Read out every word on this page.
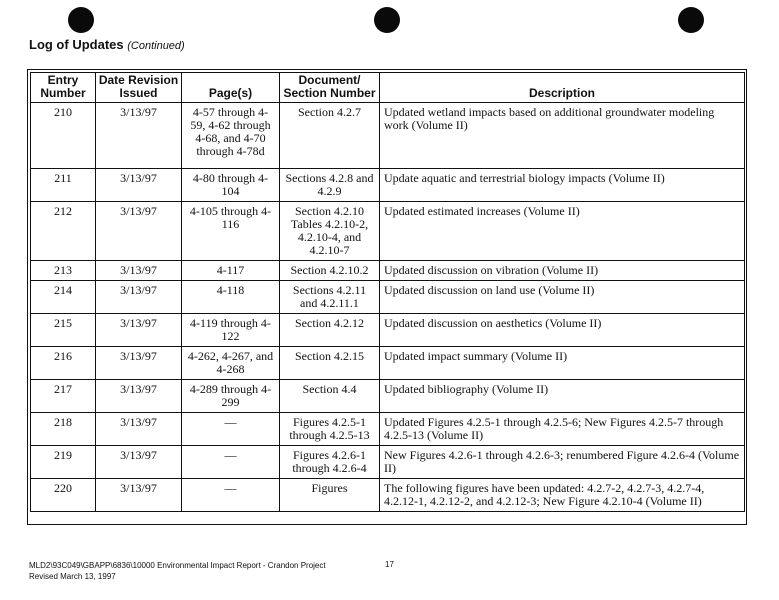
Log of Updates (Continued)
Entry Number	Date Revision Issued	Page(s)	Document/ Section Number	Description
210	3/13/97	4-57 through 4-59, 4-62 through 4-68, and 4-70 through 4-78d	Section 4.2.7	Updated wetland impacts based on additional groundwater modeling work (Volume II)
211	3/13/97	4-80 through 4-104	Sections 4.2.8 and 4.2.9	Update aquatic and terrestrial biology impacts (Volume II)
212	3/13/97	4-105 through 4-116	Section 4.2.10 Tables 4.2.10-2, 4.2.10-4, and 4.2.10-7	Updated estimated increases (Volume II)
213	3/13/97	4-117	Section 4.2.10.2	Updated discussion on vibration (Volume II)
214	3/13/97	4-118	Sections 4.2.11 and 4.2.11.1	Updated discussion on land use (Volume II)
215	3/13/97	4-119 through 4-122	Section 4.2.12	Updated discussion on aesthetics (Volume II)
216	3/13/97	4-262, 4-267, and 4-268	Section 4.2.15	Updated impact summary (Volume II)
217	3/13/97	4-289 through 4-299	Section 4.4	Updated bibliography (Volume II)
218	3/13/97	—	Figures 4.2.5-1 through 4.2.5-13	Updated Figures 4.2.5-1 through 4.2.5-6; New Figures 4.2.5-7 through 4.2.5-13 (Volume II)
219	3/13/97	—	Figures 4.2.6-1 through 4.2.6-4	New Figures 4.2.6-1 through 4.2.6-3; renumbered Figure 4.2.6-4 (Volume II)
220	3/13/97	—	Figures	The following figures have been updated: 4.2.7-2, 4.2.7-3, 4.2.7-4, 4.2.12-1, 4.2.12-2, and 4.2.12-3; New Figure 4.2.10-4 (Volume II)
MLD2\93C049\GBAPP\6836\10000 Environmental Impact Report - Crandon Project
Revised March 13, 1997
17
